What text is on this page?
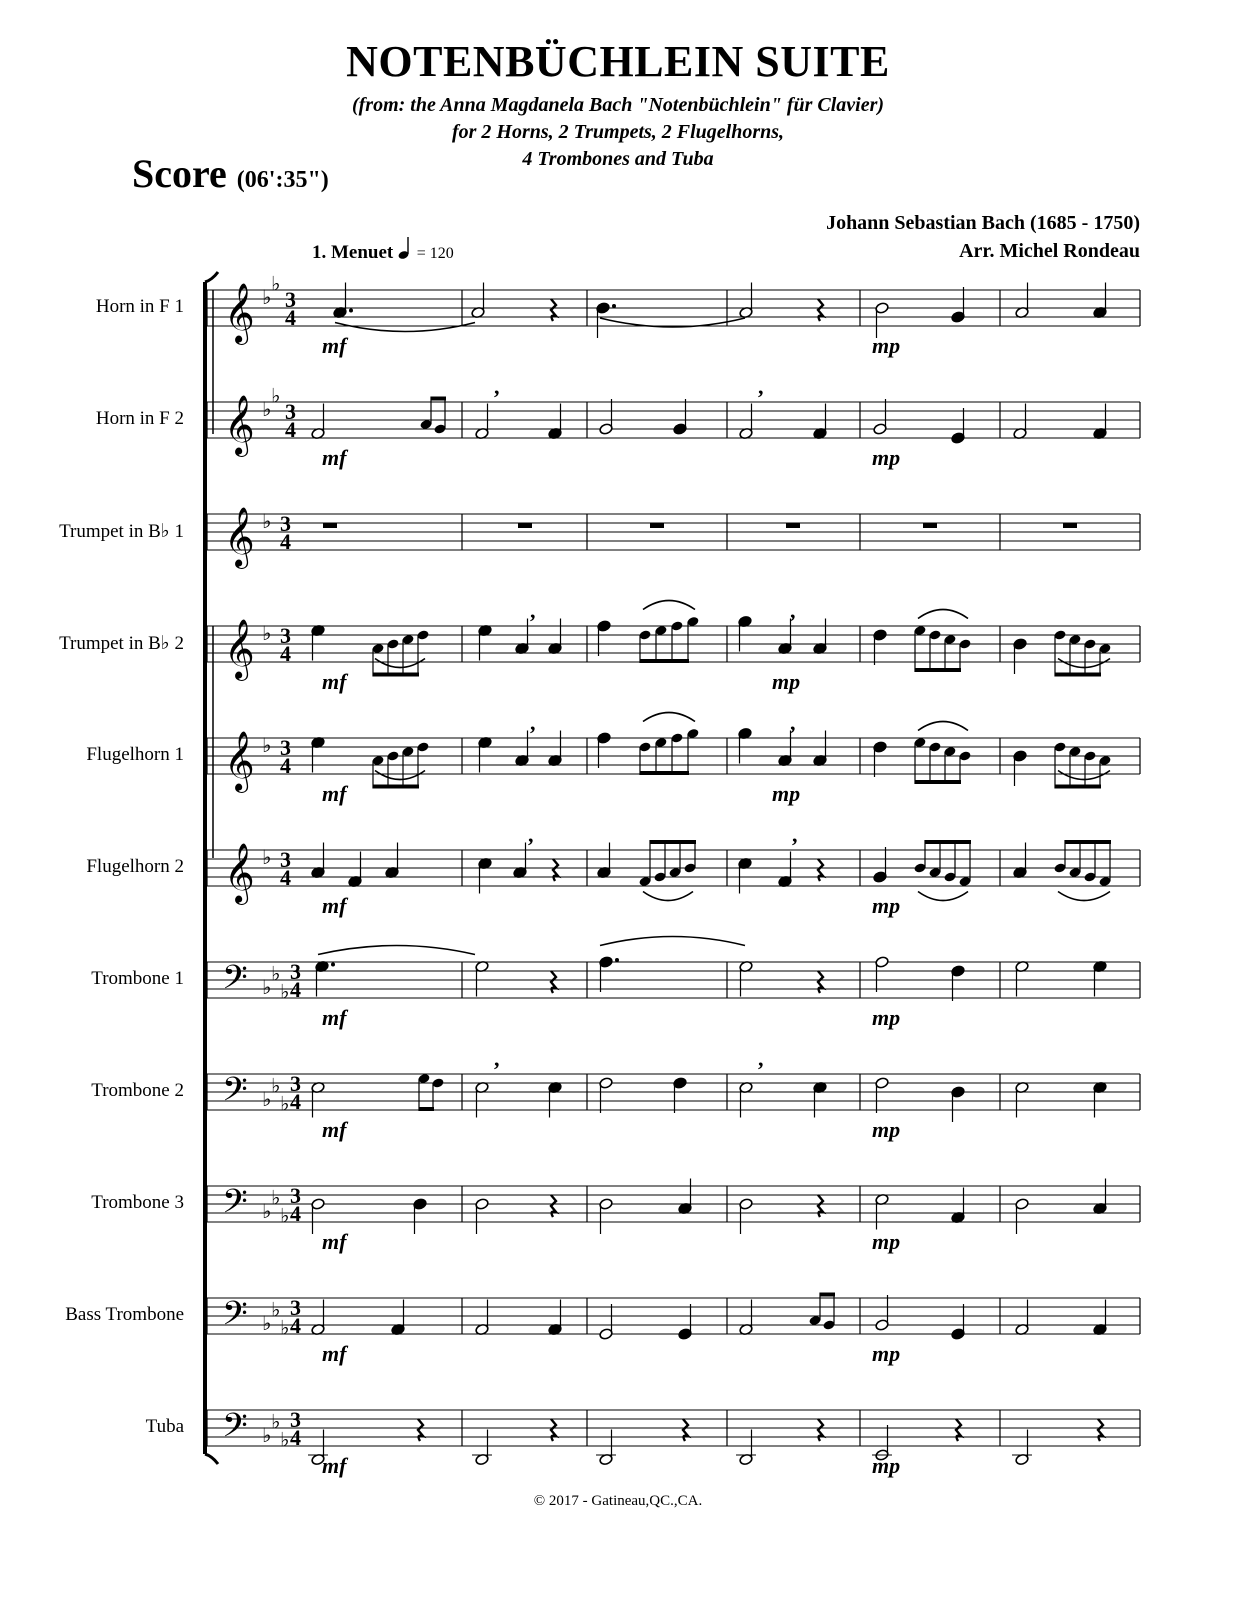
NOTENBÜCHLEIN SUITE
(from: the Anna Magdanela Bach "Notenbüchlein" für Clavier)
for 2 Horns, 2 Trumpets, 2 Flugelhorns,
4 Trombones and Tuba
Score (06':35")
Johann Sebastian Bach (1685 - 1750)
Arr. Michel Rondeau
1. Menuet = 120
Horn in F 1
Horn in F 2
Trumpet in B♭ 1
Trumpet in B♭ 2
Flugelhorn 1
Flugelhorn 2
Trombone 1
Trombone 2
Trombone 3
Bass Trombone
Tuba
𝄞 ♭
♭
3
4
𝄞 ♭
♭
3
4
𝄞 ♭ 3
4
𝄞 ♭ 3
4
𝄞 ♭ 3
4
𝄞 ♭ 3
4
𝄢 ♭
♭
♭
3
4
𝄢 ♭
♭
♭
3
4
𝄢 ♭
♭
♭
3
4
𝄢 ♭
♭
♭
3
4
𝄢 ♭
♭
♭
3
4
,	,
,	,
,	,
mf	mp
mf	mp
,	,
,	,
mf	mp
mf	mp
mf	mp
mf	mp
mf	mp
mf	mp
mf	mp
mf	mp
© 2017 - Gatineau,QC.,CA.
